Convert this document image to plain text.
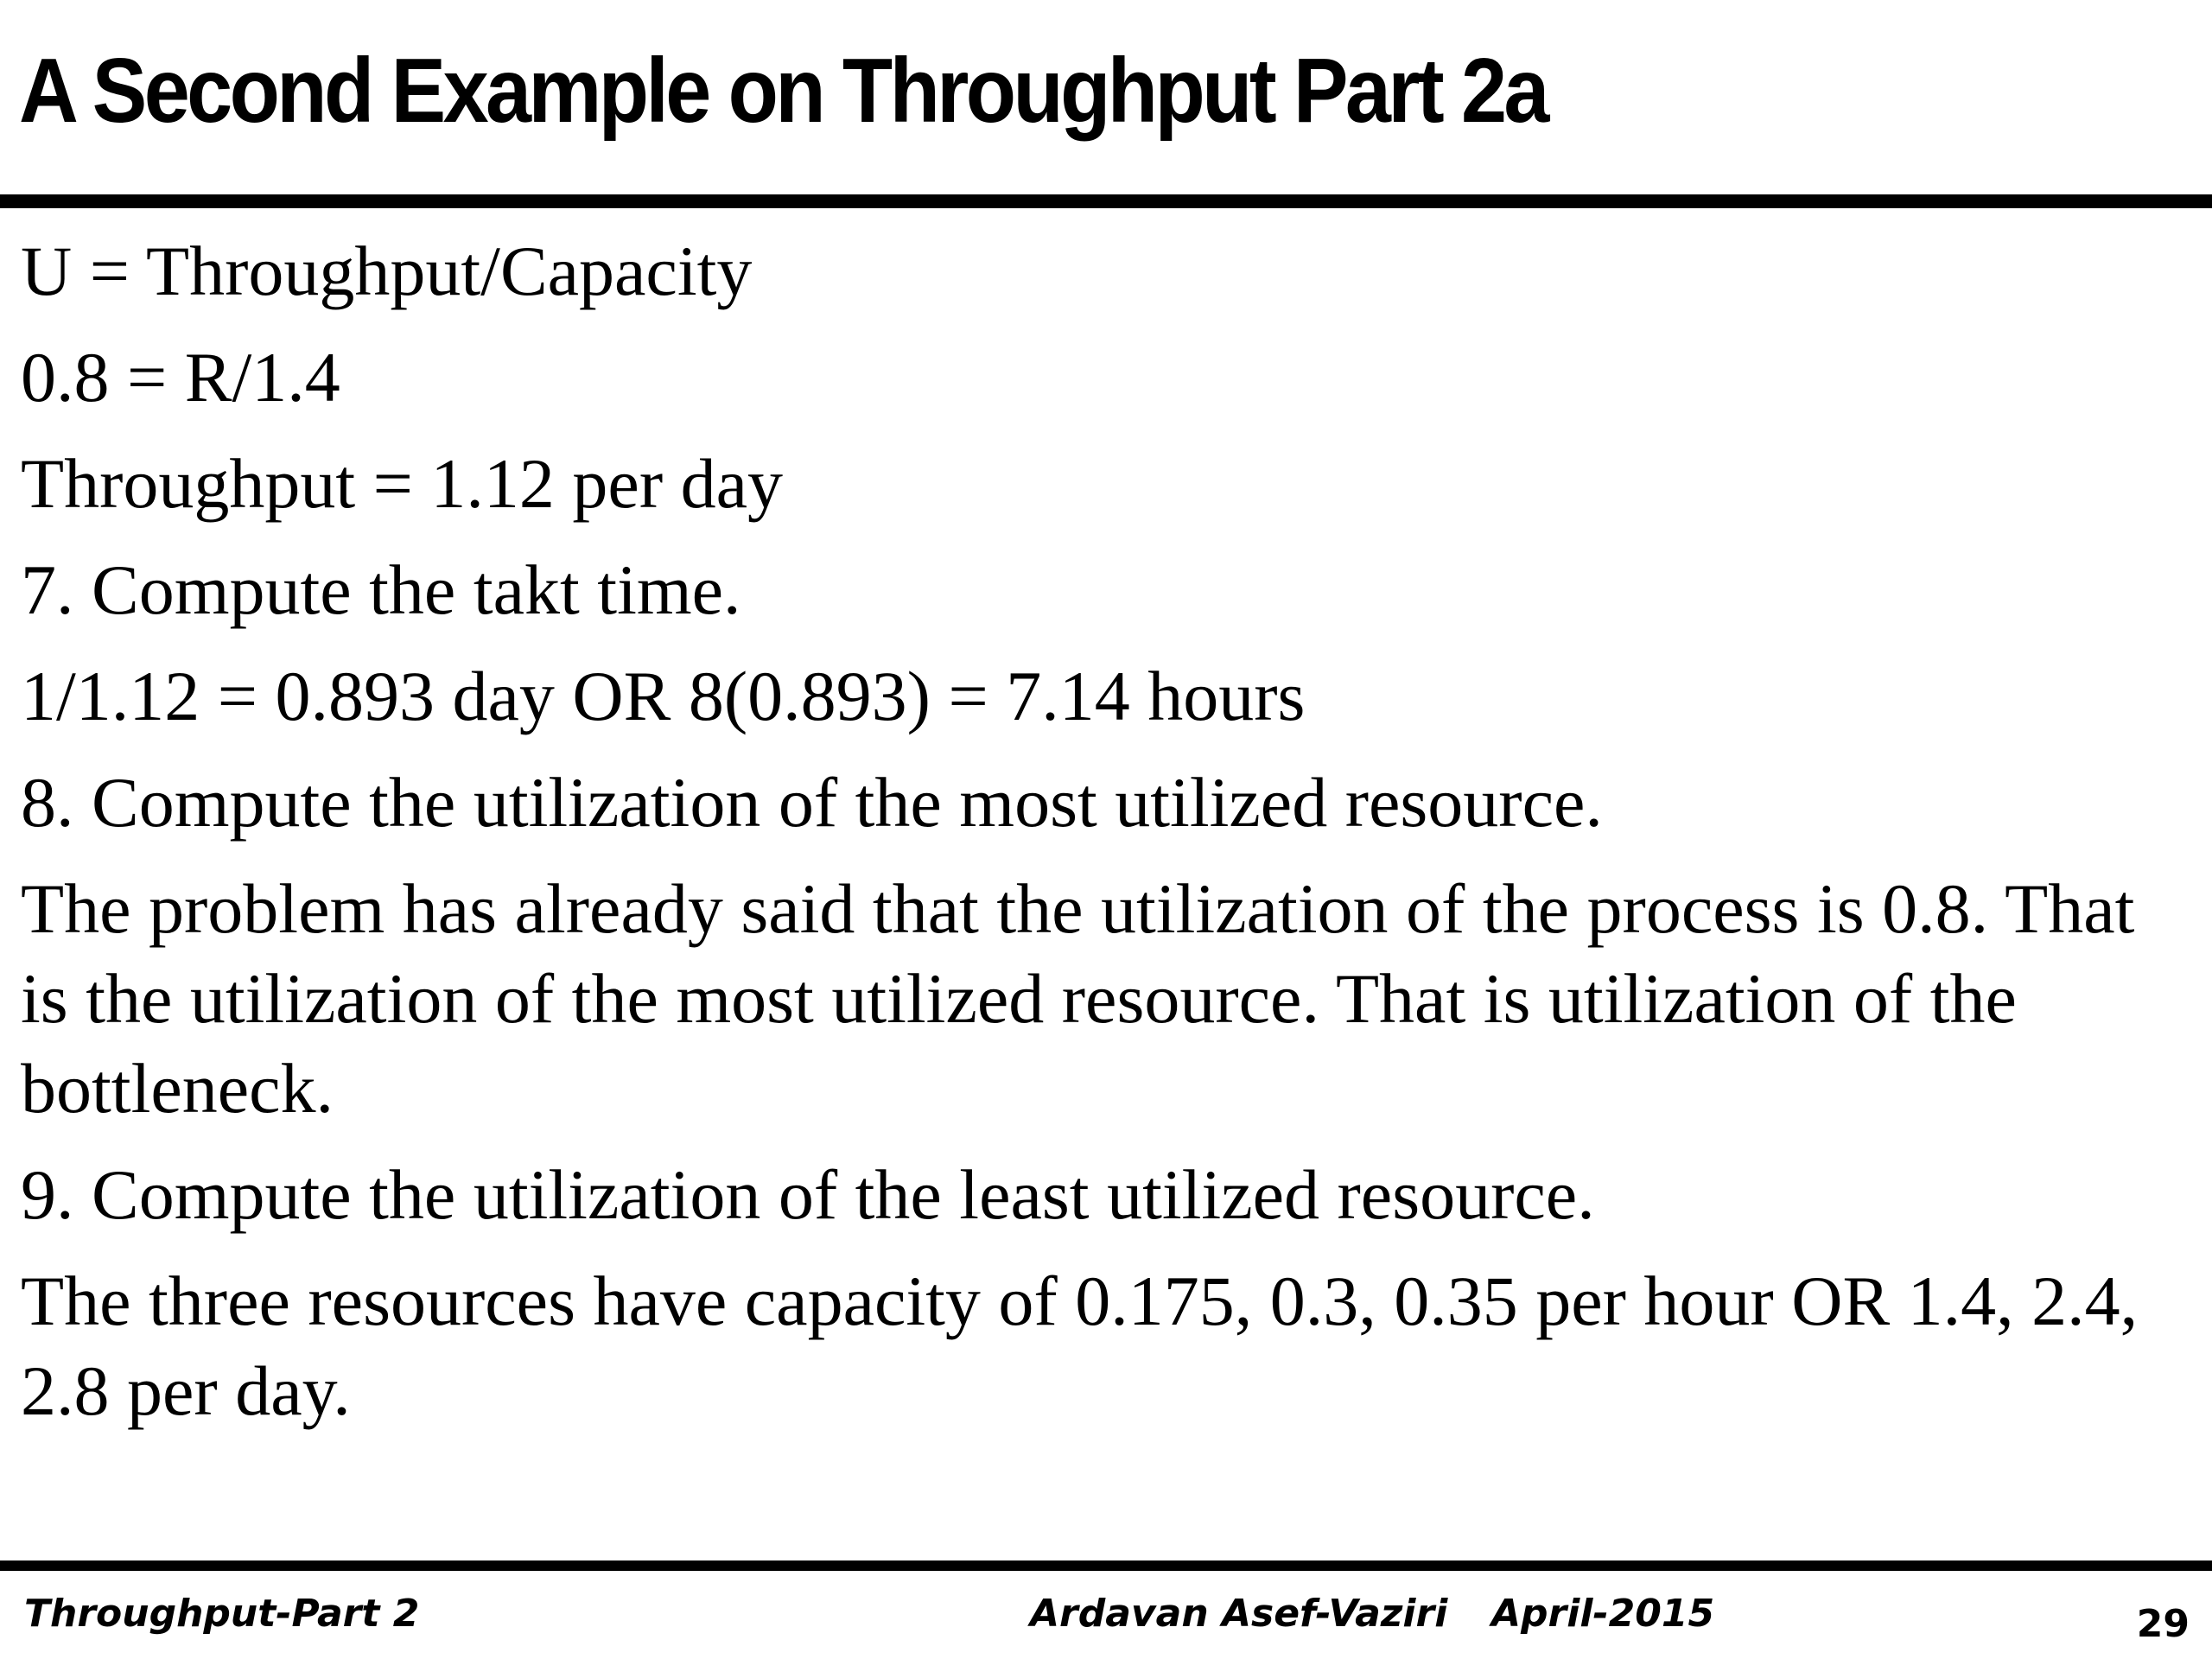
A Second Example on Throughput Part 2a

U = Throughput/Capacity

0.8 = R/1.4

Throughput = 1.12 per day

7. Compute the takt time.

1/1.12 = 0.893 day OR 8(0.893) = 7.14 hours

8. Compute the utilization of the most utilized resource.

The problem has already said that the utilization of the process is 0.8. That is the utilization of the most utilized resource. That is utilization of the bottleneck.

9. Compute the utilization of the least utilized resource.

The three resources have capacity of 0.175, 0.3, 0.35 per hour OR 1.4, 2.4, 2.8 per day.

Throughput-Part 2	Ardavan Asef-Vaziri April-2015	29
